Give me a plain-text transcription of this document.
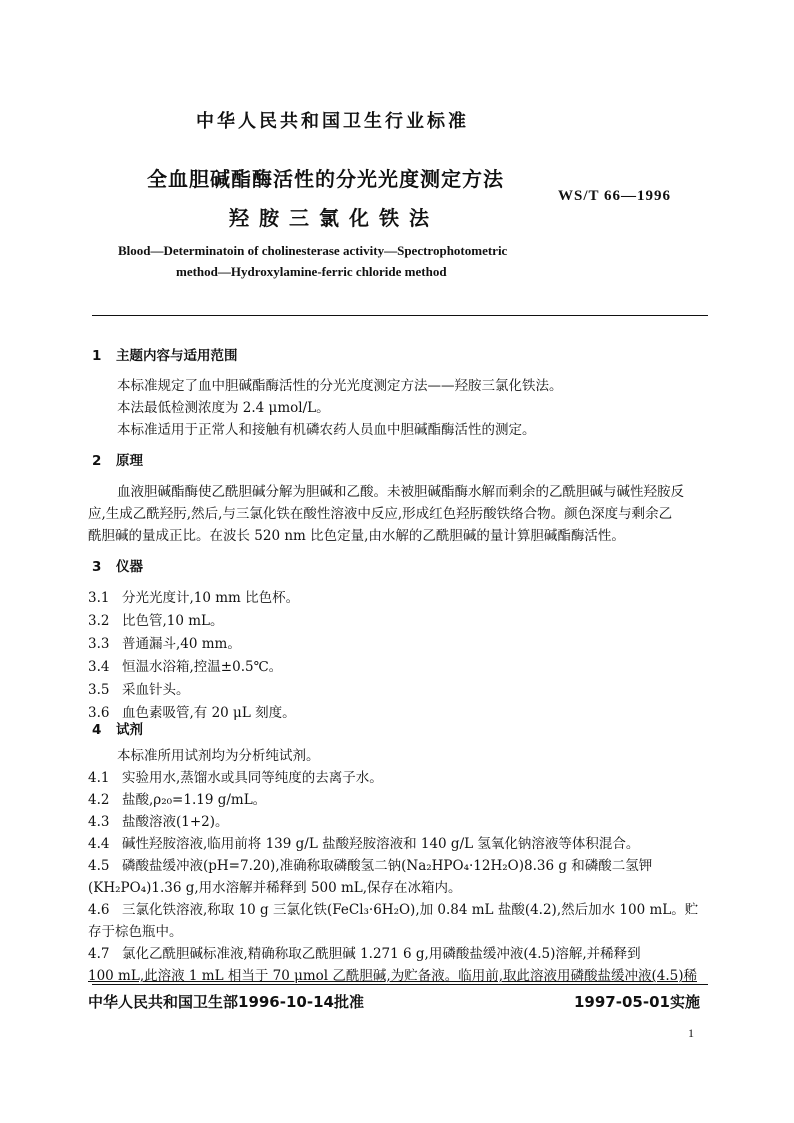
中华人民共和国卫生行业标准
全血胆碱酯酶活性的分光光度测定方法
羟胺三氯化铁法
WS/T 66—1996
Blood—Determinatoin of cholinesterase activity—Spectrophotometric
method—Hydroxylamine-ferric chloride method
1 主题内容与适用范围
本标准规定了血中胆碱酯酶活性的分光光度测定方法——羟胺三氯化铁法。
本法最低检测浓度为 2.4 μmol/L。
本标准适用于正常人和接触有机磷农药人员血中胆碱酯酶活性的测定。
2 原理
血液胆碱酯酶使乙酰胆碱分解为胆碱和乙酸。未被胆碱酯酶水解而剩余的乙酰胆碱与碱性羟胺反
应,生成乙酰羟肟,然后,与三氯化铁在酸性溶液中反应,形成红色羟肟酸铁络合物。颜色深度与剩余乙
酰胆碱的量成正比。在波长 520 nm 比色定量,由水解的乙酰胆碱的量计算胆碱酯酶活性。
3 仪器
3.1 分光光度计,10 mm 比色杯。
3.2 比色管,10 mL。
3.3 普通漏斗,40 mm。
3.4 恒温水浴箱,控温±0.5℃。
3.5 采血针头。
3.6 血色素吸管,有 20 μL 刻度。
4 试剂
本标准所用试剂均为分析纯试剂。
4.1 实验用水,蒸馏水或具同等纯度的去离子水。
4.2 盐酸,ρ₂₀=1.19 g/mL。
4.3 盐酸溶液(1+2)。
4.4 碱性羟胺溶液,临用前将 139 g/L 盐酸羟胺溶液和 140 g/L 氢氧化钠溶液等体积混合。
4.5 磷酸盐缓冲液(pH=7.20),准确称取磷酸氢二钠(Na₂HPO₄·12H₂O)8.36 g 和磷酸二氢钾
(KH₂PO₄)1.36 g,用水溶解并稀释到 500 mL,保存在冰箱内。
4.6 三氯化铁溶液,称取 10 g 三氯化铁(FeCl₃·6H₂O),加 0.84 mL 盐酸(4.2),然后加水 100 mL。贮
存于棕色瓶中。
4.7 氯化乙酰胆碱标准液,精确称取乙酰胆碱 1.271 6 g,用磷酸盐缓冲液(4.5)溶解,并稀释到
中华人民共和国卫生部1996-10-14批准	1997-05-01实施
1
100 mL,此溶液 1 mL 相当于 70 μmol 乙酰胆碱,为贮备液。临用前,取此溶液用磷酸盐缓冲液(4.5)稀
